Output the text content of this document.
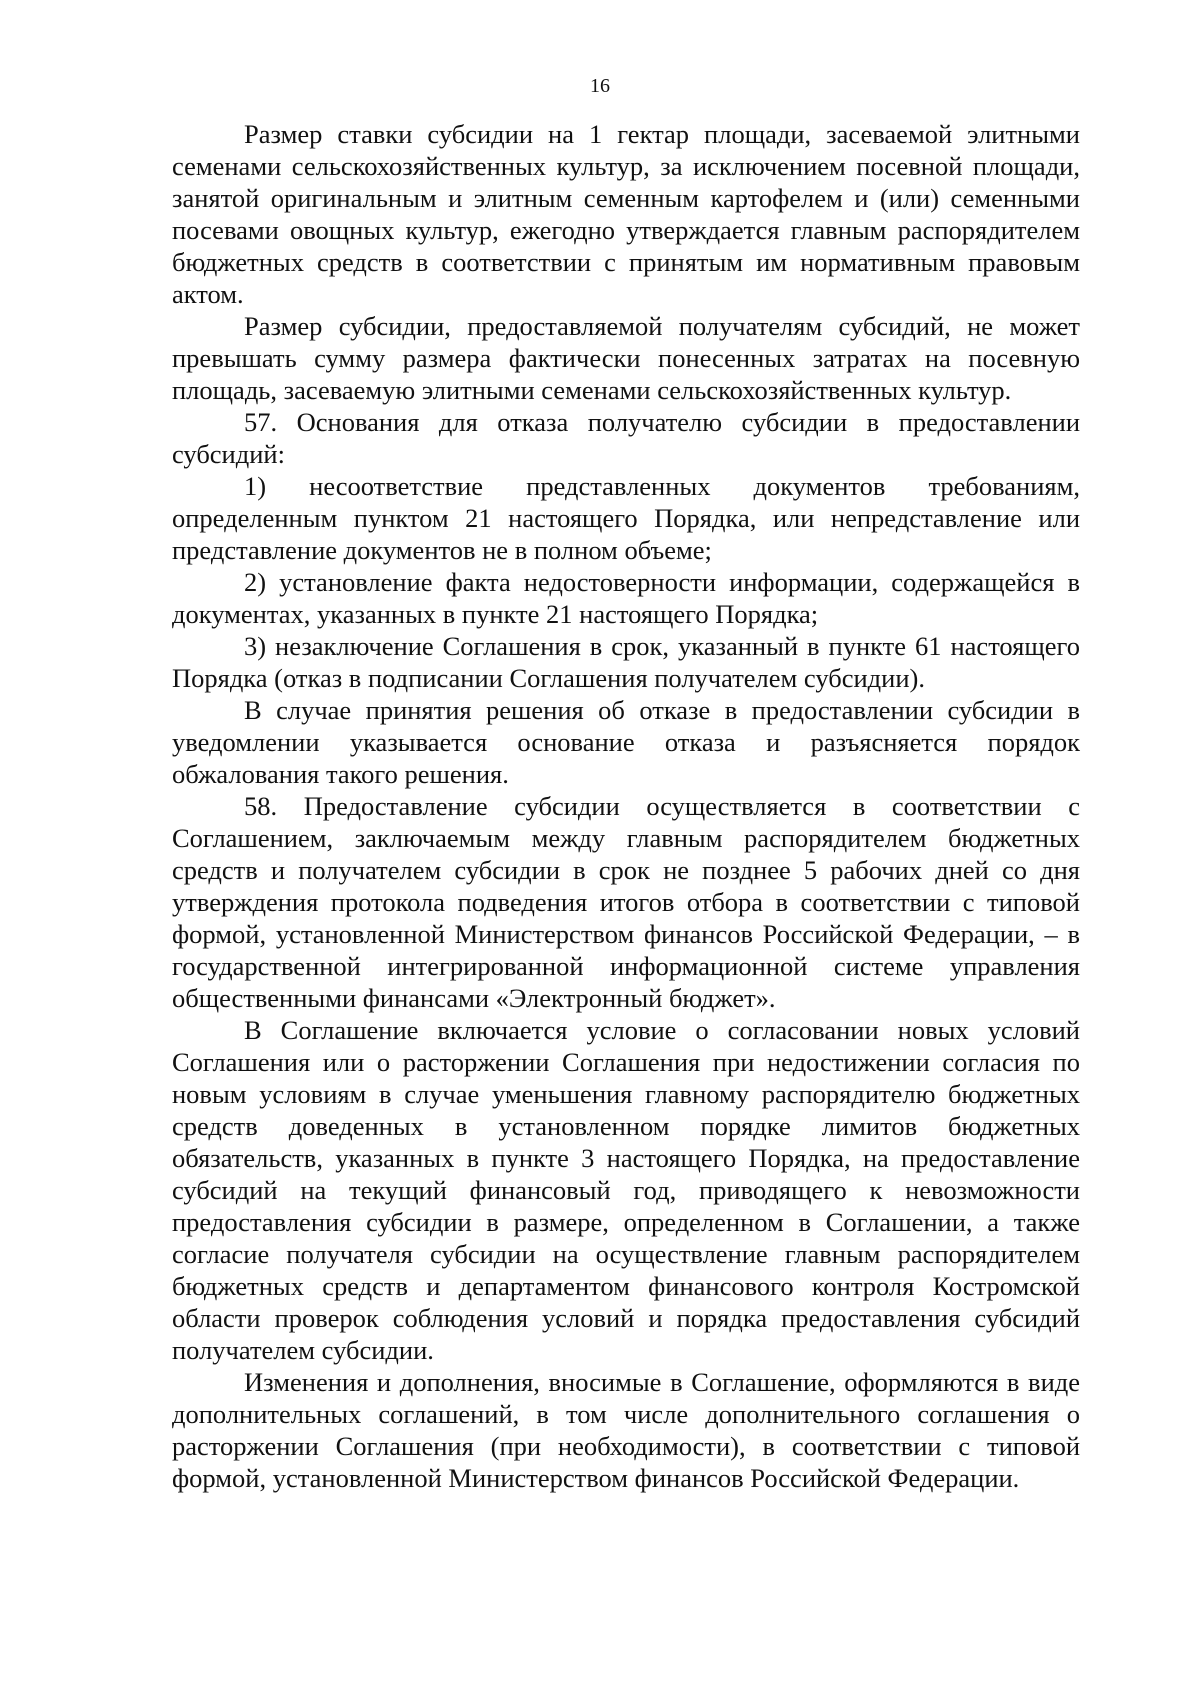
16

Размер ставки субсидии на 1 гектар площади, засеваемой элитными семенами сельскохозяйственных культур, за исключением посевной площади, занятой оригинальным и элитным семенным картофелем и (или) семенными посевами овощных культур, ежегодно утверждается главным распорядителем бюджетных средств в соответствии с принятым им нормативным правовым актом.

Размер субсидии, предоставляемой получателям субсидий, не может превышать сумму размера фактически понесенных затратах на посевную площадь, засеваемую элитными семенами сельскохозяйственных культур.

57. Основания для отказа получателю субсидии в предоставлении субсидий:

1) несоответствие представленных документов требованиям, определенным пунктом 21 настоящего Порядка, или непредставление или представление документов не в полном объеме;

2) установление факта недостоверности информации, содержащейся в документах, указанных в пункте 21 настоящего Порядка;

3) незаключение Соглашения в срок, указанный в пункте 61 настоящего Порядка (отказ в подписании Соглашения получателем субсидии).

В случае принятия решения об отказе в предоставлении субсидии в уведомлении указывается основание отказа и разъясняется порядок обжалования такого решения.

58. Предоставление субсидии осуществляется в соответствии с Соглашением, заключаемым между главным распорядителем бюджетных средств и получателем субсидии в срок не позднее 5 рабочих дней со дня утверждения протокола подведения итогов отбора в соответствии с типовой формой, установленной Министерством финансов Российской Федерации, – в государственной интегрированной информационной системе управления общественными финансами «Электронный бюджет».

В Соглашение включается условие о согласовании новых условий Соглашения или о расторжении Соглашения при недостижении согласия по новым условиям в случае уменьшения главному распорядителю бюджетных средств доведенных в установленном порядке лимитов бюджетных обязательств, указанных в пункте 3 настоящего Порядка, на предоставление субсидий на текущий финансовый год, приводящего к невозможности предоставления субсидии в размере, определенном в Соглашении, а также согласие получателя субсидии на осуществление главным распорядителем бюджетных средств и департаментом финансового контроля Костромской области проверок соблюдения условий и порядка предоставления субсидий получателем субсидии.

Изменения и дополнения, вносимые в Соглашение, оформляются в виде дополнительных соглашений, в том числе дополнительного соглашения о расторжении Соглашения (при необходимости), в соответствии с типовой формой, установленной Министерством финансов Российской Федерации.
